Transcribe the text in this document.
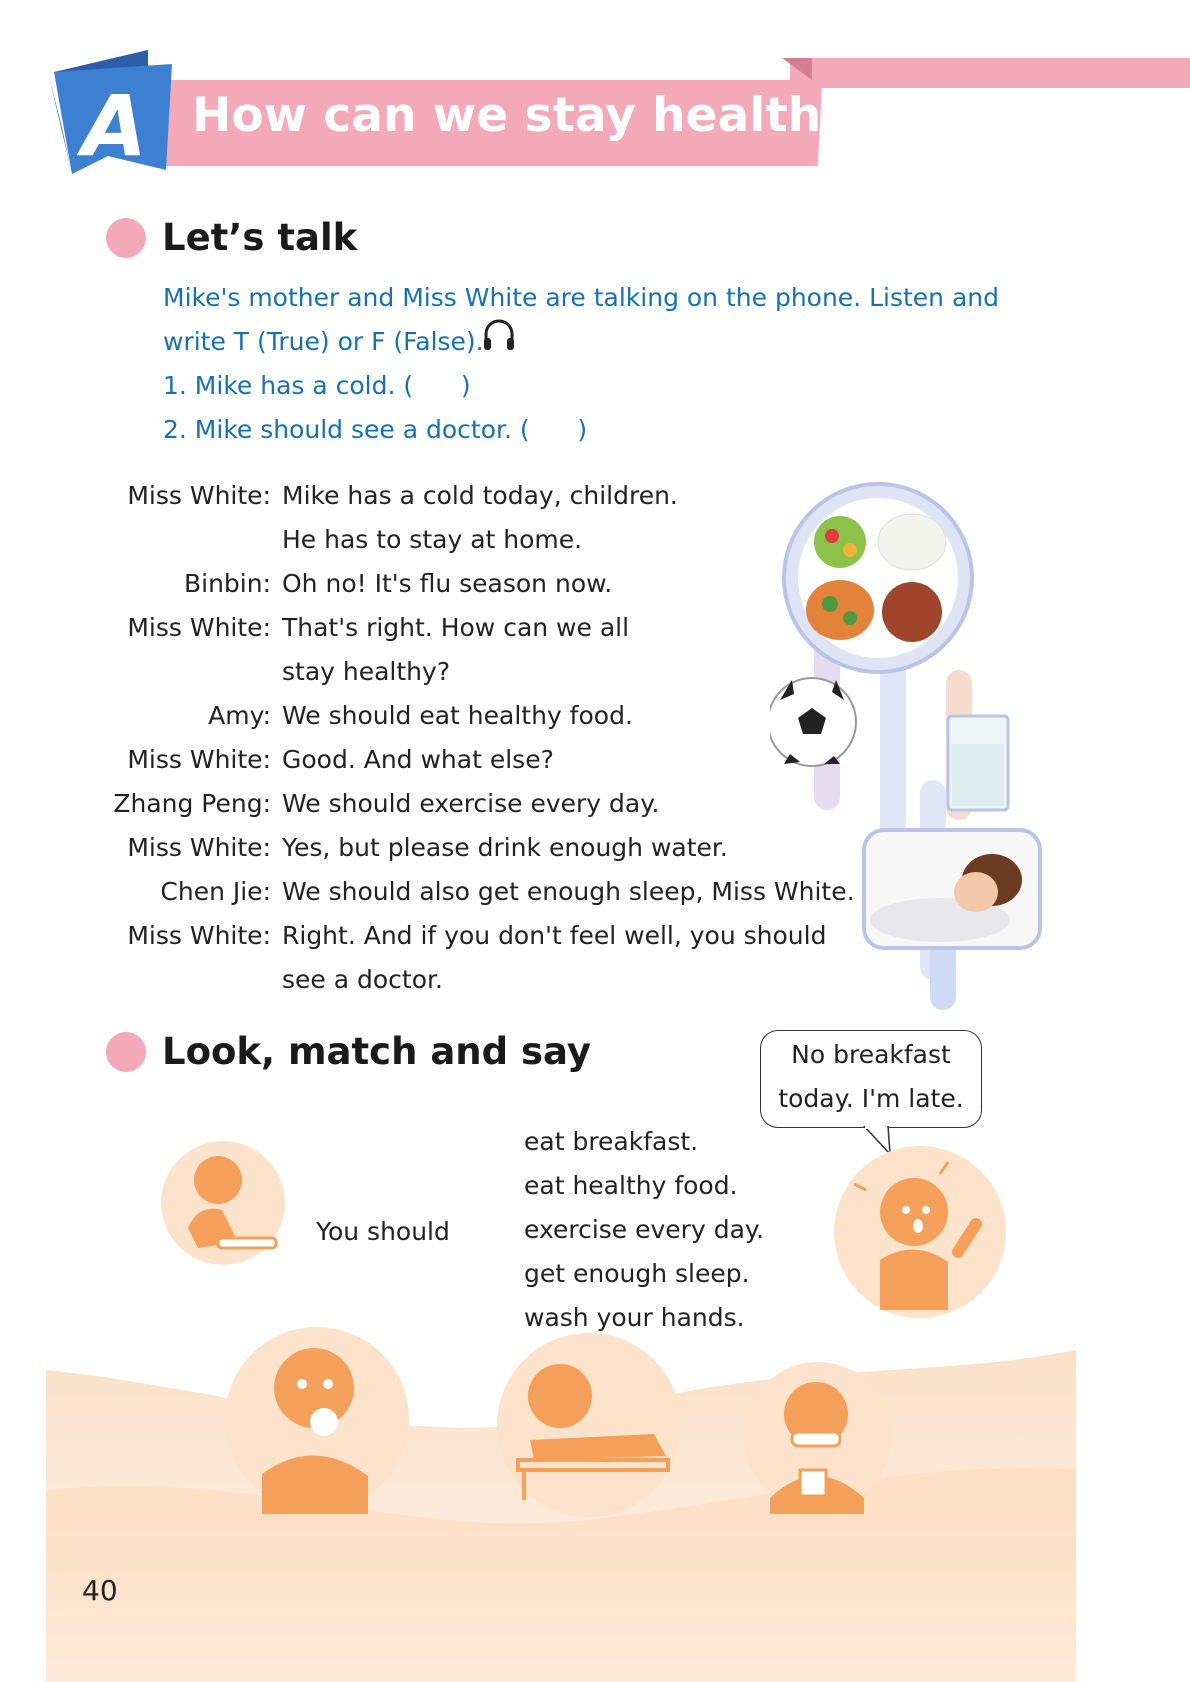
How can we stay healthy?
A
Let’s talk
Mike's mother and Miss White are talking on the phone. Listen and
write T (True) or F (False).
1. Mike has a cold. (      )
2. Mike should see a doctor. (      )
Miss White: Mike has a cold today, children.
He has to stay at home.
Binbin: Oh no! It's flu season now.
Miss White: That's right. How can we all
stay healthy?
Amy: We should eat healthy food.
Miss White: Good. And what else?
Zhang Peng: We should exercise every day.
Miss White: Yes, but please drink enough water.
Chen Jie: We should also get enough sleep, Miss White.
Miss White: Right. And if you don't feel well, you should
see a doctor.
Look, match and say	No breakfast
today. I'm late.
You should
eat breakfast.
eat healthy food.
exercise every day.
get enough sleep.
wash your hands.
40
